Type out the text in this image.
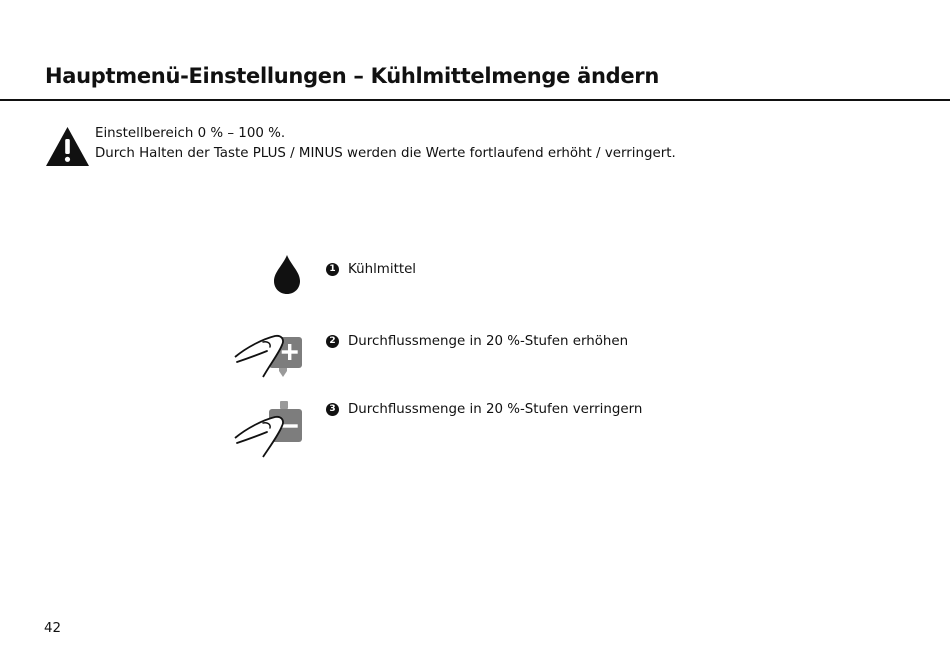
Hauptmenü-Einstellungen – Kühlmittelmenge ändern
Einstellbereich 0 % – 100 %.
Durch Halten der Taste PLUS / MINUS werden die Werte fortlaufend erhöht / verringert.
1 Kühlmittel
2 Durchflussmenge in 20 %-Stufen erhöhen
3 Durchflussmenge in 20 %-Stufen verringern
42
